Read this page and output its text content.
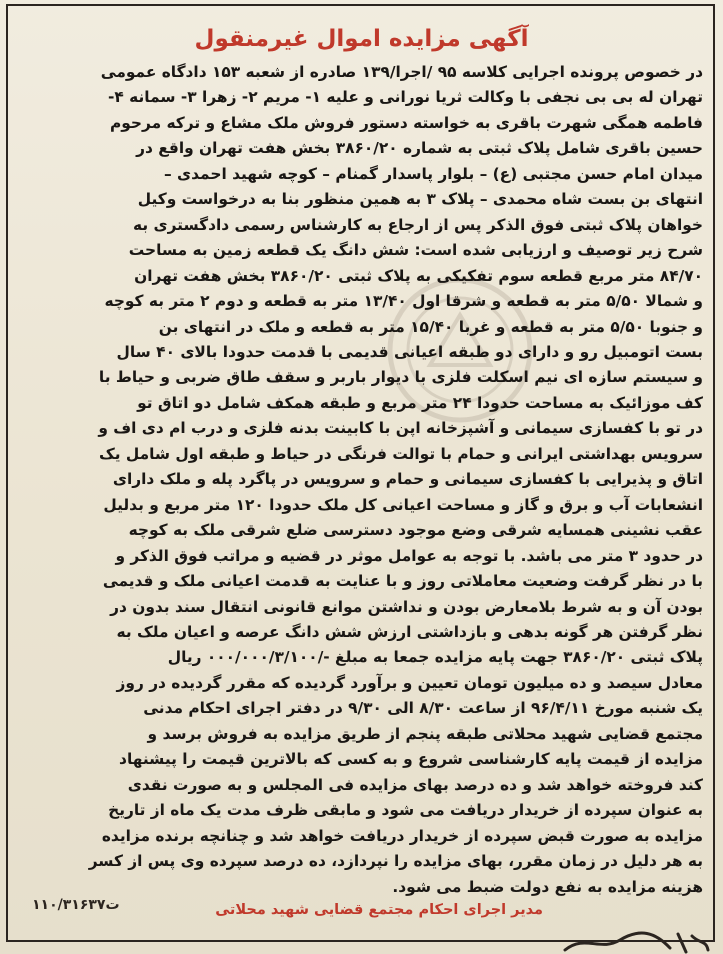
آگهی مزایده اموال غیرمنقول
در خصوص پرونده اجرایی کلاسه ۹۵ /اجرا/۱۳۹ صادره از شعبه ۱۵۳ دادگاه عمومی
تهران له بی بی نجفی با وکالت ثریا نورانی و علیه ۱- مریم ۲- زهرا ۳- سمانه ۴-
فاطمه همگی شهرت باقری به خواسته دستور فروش ملک مشاع و ترکه مرحوم
حسین باقری شامل پلاک ثبتی به شماره ۳۸۶۰/۲۰ بخش هفت تهران واقع در
میدان امام حسن مجتبی (ع) – بلوار پاسدار گمنام – کوچه شهید احمدی –
انتهای بن بست شاه محمدی – پلاک ۳ به همین منظور بنا به درخواست وکیل
خواهان پلاک ثبتی فوق الذکر پس از ارجاع به کارشناس رسمی دادگستری به
شرح زیر توصیف و ارزیابی شده است: شش دانگ یک قطعه زمین به مساحت
۸۴/۷۰ متر مربع قطعه سوم تفکیکی به پلاک ثبتی ۳۸۶۰/۲۰ بخش هفت تهران
و شمالا ۵/۵۰ متر به قطعه و شرقا اول ۱۳/۴۰ متر به قطعه و دوم ۲ متر به کوچه
و جنوبا ۵/۵۰ متر به قطعه و غربا ۱۵/۴۰ متر به قطعه و ملک در انتهای بن
بست اتومبیل رو و دارای دو طبقه اعیانی قدیمی با قدمت حدودا بالای ۴۰ سال
و سیستم سازه ای نیم اسکلت فلزی با دیوار باربر و سقف طاق ضربی و حیاط با
کف موزائیک به مساحت حدودا ۲۴ متر مربع و طبقه همکف شامل دو اتاق تو
در تو با کفسازی سیمانی و آشپزخانه اپن با کابینت بدنه فلزی و درب ام دی اف و
سرویس بهداشتی ایرانی و حمام با توالت فرنگی در حیاط و طبقه اول شامل یک
اتاق و پذیرایی با کفسازی سیمانی و حمام و سرویس در پاگرد پله و ملک دارای
انشعابات آب و برق و گاز و مساحت اعیانی کل ملک حدودا ۱۲۰ متر مربع و بدلیل
عقب نشینی همسایه شرقی وضع موجود دسترسی ضلع شرقی ملک به کوچه
در حدود ۳ متر می باشد. با توجه به عوامل موثر در قضیه و مراتب فوق الذکر و
با در نظر گرفت وضعیت معاملاتی روز و با عنایت به قدمت اعیانی ملک و قدیمی
بودن آن و به شرط بلامعارض بودن و نداشتن موانع قانونی انتقال سند بدون در
نظر گرفتن هر گونه بدهی و بازداشتی ارزش شش دانگ عرصه و اعیان ملک به
پلاک ثبتی ۳۸۶۰/۲۰ جهت پایه مزایده جمعا به مبلغ -/۰۰۰/۰۰۰/۳/۱۰۰ ریال
معادل سیصد و ده میلیون تومان تعیین و برآورد گردیده که مقرر گردیده در روز
یک شنبه مورخ ۹۶/۴/۱۱ از ساعت ۸/۳۰ الی ۹/۳۰ در دفتر اجرای احکام مدنی
مجتمع قضایی شهید محلاتی طبقه پنجم از طریق مزایده به فروش برسد و
مزایده از قیمت پایه کارشناسی شروع و به کسی که بالاترین قیمت را پیشنهاد
کند فروخته خواهد شد و ده درصد بهای مزایده فی المجلس و به صورت نقدی
به عنوان سپرده از خریدار دریافت می شود و مابقی ظرف مدت یک ماه از تاریخ
مزایده به صورت قبض سپرده از خریدار دریافت خواهد شد و چنانچه برنده مزایده
به هر دلیل در زمان مقرر، بهای مزایده را نپردازد، ده درصد سپرده وی پس از کسر
هزینه مزایده به نفع دولت ضبط می شود.
مدیر اجرای احکام مجتمع قضایی شهید محلاتی
۱۱۰/۳۱۶۳۷ت
